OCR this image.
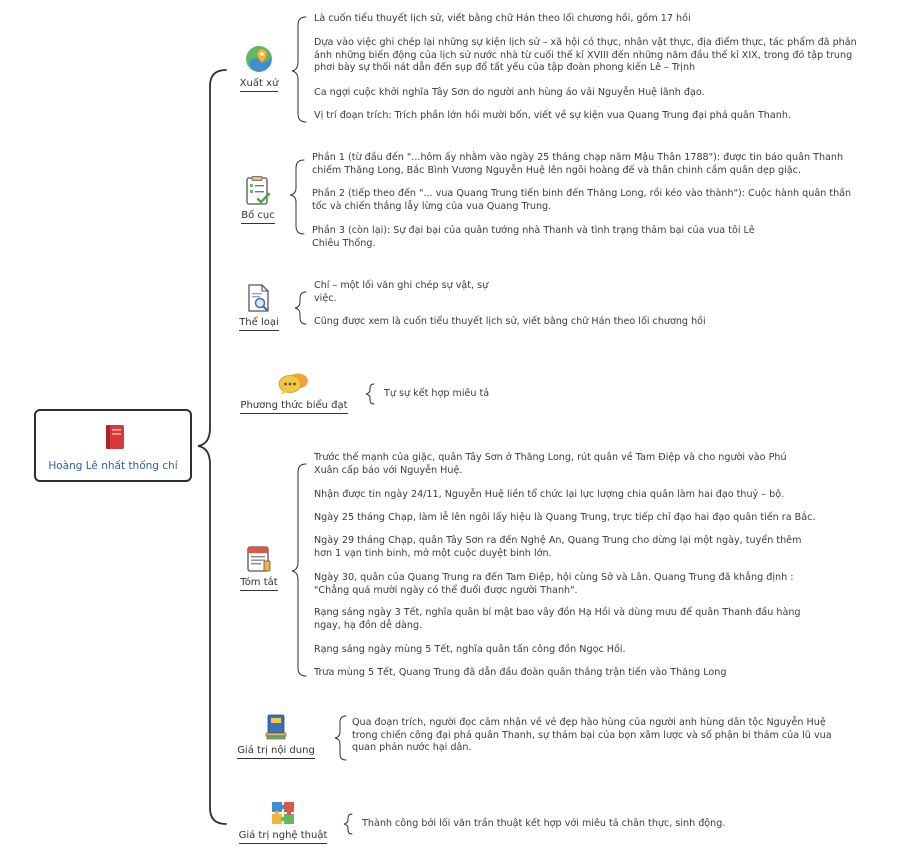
Hoàng Lê nhất thống chí
Xuất xứ
Là cuốn tiểu thuyết lịch sử, viết bằng chữ Hán theo lối chương hồi, gồm 17 hồi
Dựa vào việc ghi chép lại những sự kiện lịch sử – xã hội có thực, nhân vật thực, địa điểm thực, tác phẩm đã phản ánh những biến động của lịch sử nước nhà từ cuối thế kỉ XVIII đến những năm đầu thế kỉ XIX, trong đó tập trung phơi bày sự thối nát dẫn đến sụp đổ tất yếu của tập đoàn phong kiến Lê – Trịnh
Ca ngợi cuộc khởi nghĩa Tây Sơn do người anh hùng áo vải Nguyễn Huệ lãnh đạo.
Vị trí đoạn trích: Trích phần lớn hồi mười bốn, viết về sự kiện vua Quang Trung đại phá quân Thanh.
Bố cục
Phần 1 (từ đầu đến "...hôm ấy nhằm vào ngày 25 tháng chạp năm Mậu Thân 1788"): được tin báo quân Thanh chiếm Thăng Long, Bắc Bình Vương Nguyễn Huệ lên ngôi hoàng đế và thân chinh cầm quân dẹp giặc.
Phần 2 (tiếp theo đến "... vua Quang Trung tiến binh đến Thăng Long, rồi kéo vào thành"): Cuộc hành quân thần tốc và chiến thắng lẫy lừng của vua Quang Trung.
Phần 3 (còn lại): Sự đại bại của quân tướng nhà Thanh và tình trạng thảm bại của vua tôi Lê Chiêu Thống.
Thể loại
Chí – một lối văn ghi chép sự vật, sự việc.
Cũng được xem là cuốn tiểu thuyết lịch sử, viết bằng chữ Hán theo lối chương hồi
Phương thức biểu đạt
Tự sự kết hợp miêu tả
Tóm tắt
Trước thế mạnh của giặc, quân Tây Sơn ở Thăng Long, rút quân về Tam Điệp và cho người vào Phú Xuân cấp báo với Nguyễn Huệ.
Nhận được tin ngày 24/11, Nguyễn Huệ liền tổ chức lại lực lượng chia quân làm hai đạo thuỷ – bộ.
Ngày 25 tháng Chạp, làm lễ lên ngôi lấy hiệu là Quang Trung, trực tiếp chỉ đạo hai đạo quân tiến ra Bắc.
Ngày 29 tháng Chạp, quân Tây Sơn ra đến Nghệ An, Quang Trung cho dừng lại một ngày, tuyển thêm hơn 1 vạn tinh binh, mở một cuộc duyệt binh lớn.
Ngày 30, quân của Quang Trung ra đến Tam Điệp, hội cùng Sở và Lân. Quang Trung đã khẳng định : "Chẳng quá mười ngày có thể đuổi được người Thanh".
Rạng sáng ngày 3 Tết, nghĩa quân bí mật bao vây đồn Hạ Hồi và dùng mưu để quân Thanh đầu hàng ngay, hạ đồn dễ dàng.
Rạng sáng ngày mùng 5 Tết, nghĩa quân tấn công đồn Ngọc Hồi.
Trưa mùng 5 Tết, Quang Trung đã dẫn đầu đoàn quân thắng trận tiến vào Thăng Long
Giá trị nội dung
Qua đoạn trích, người đọc cảm nhận về vẻ đẹp hào hùng của người anh hùng dân tộc Nguyễn Huệ trong chiến công đại phá quân Thanh, sự thảm bại của bọn xâm lược và số phận bi thảm của lũ vua quan phản nước hại dân.
Giá trị nghệ thuật
Thành công bởi lối văn trần thuật kết hợp với miêu tả chân thực, sinh động.
